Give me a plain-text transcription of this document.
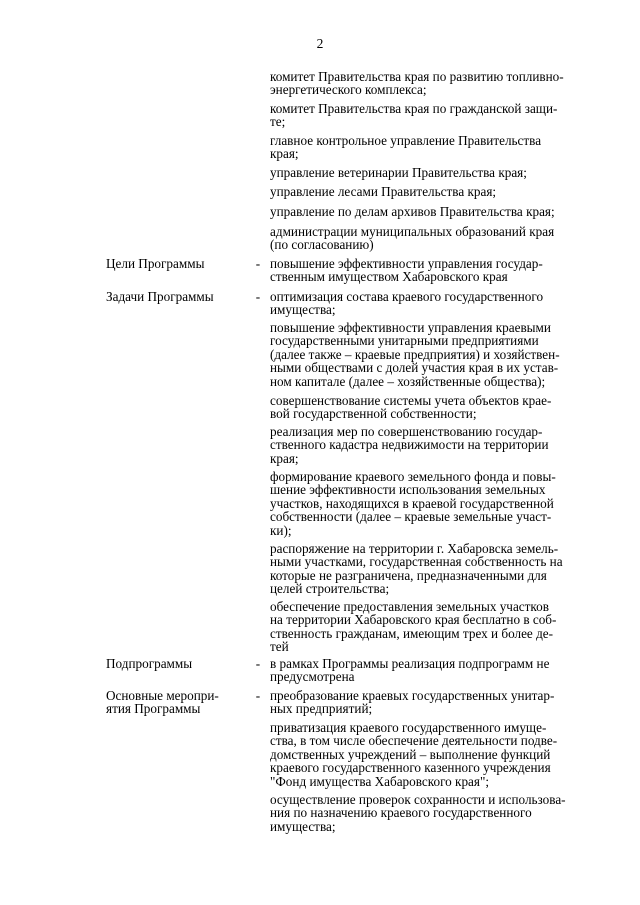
2
комитет Правительства края по развитию топливно-
энергетического комплекса;
комитет Правительства края по гражданской защи-
те;
главное контрольное управление Правительства
края;
управление ветеринарии Правительства края;
управление лесами Правительства края;
управление по делам архивов Правительства края;
администрации муниципальных образований края
(по согласованию)
Цели Программы	- повышение эффективности управления государ-
ственным имуществом Хабаровского края
Задачи Программы	- оптимизация состава краевого государственного
имущества;
повышение эффективности управления краевыми
государственными унитарными предприятиями
(далее также – краевые предприятия) и хозяйствен-
ными обществами с долей участия края в их устав-
ном капитале (далее – хозяйственные общества);
совершенствование системы учета объектов крае-
вой государственной собственности;
реализация мер по совершенствованию государ-
ственного кадастра недвижимости на территории
края;
формирование краевого земельного фонда и повы-
шение эффективности использования земельных
участков, находящихся в краевой государственной
собственности (далее – краевые земельные участ-
ки);
распоряжение на территории г. Хабаровска земель-
ными участками, государственная собственность на
которые не разграничена, предназначенными для
целей строительства;
обеспечение предоставления земельных участков
на территории Хабаровского края бесплатно в соб-
ственность гражданам, имеющим трех и более де-
тей
Подпрограммы	- в рамках Программы реализация подпрограмм не
предусмотрена
Основные меропри-
ятия Программы
- преобразование краевых государственных унитар-
ных предприятий;
приватизация краевого государственного имуще-
ства, в том числе обеспечение деятельности подве-
домственных учреждений – выполнение функций
краевого государственного казенного учреждения
"Фонд имущества Хабаровского края";
осуществление проверок сохранности и использова-
ния по назначению краевого государственного
имущества;
